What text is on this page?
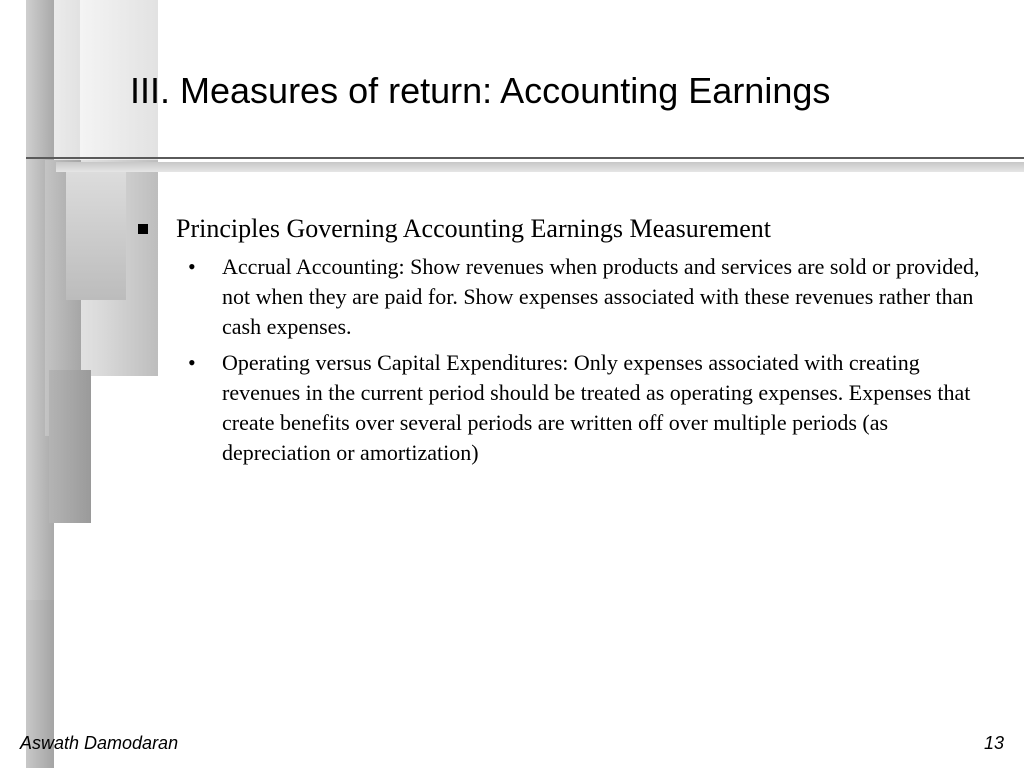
III. Measures of return: Accounting Earnings
Principles Governing Accounting Earnings Measurement
•	Accrual Accounting: Show revenues when products and services are sold or provided, not when they are paid for. Show expenses associated with these revenues rather than cash expenses.
•	Operating versus Capital Expenditures: Only expenses associated with creating revenues in the current period should be treated as operating expenses. Expenses that create benefits over several periods are written off over multiple periods (as depreciation or amortization)
Aswath Damodaran	13
